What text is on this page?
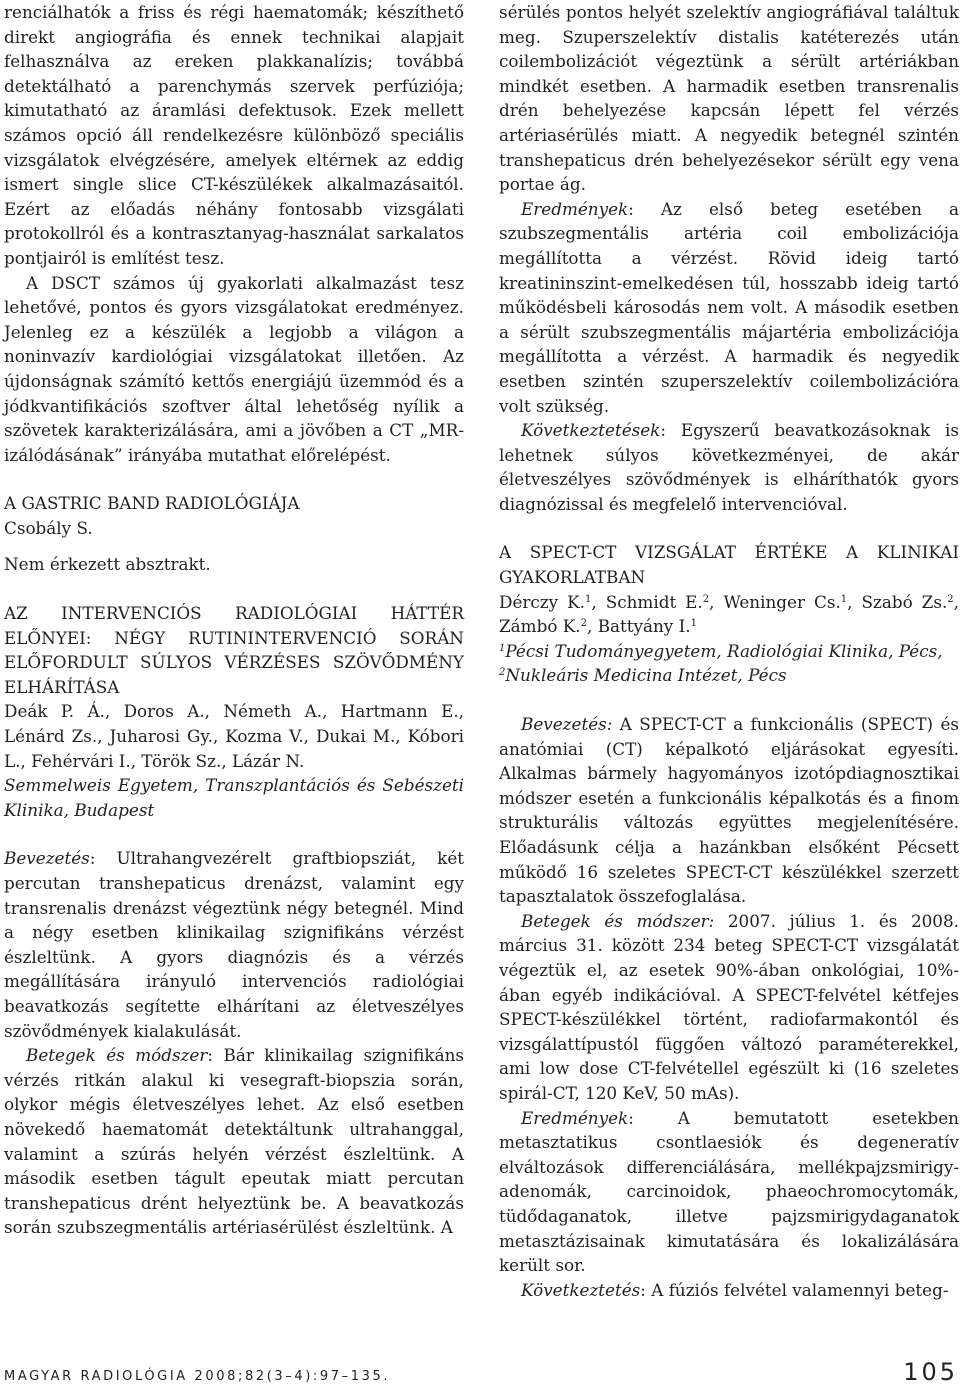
renciálhatók a friss és régi haematomák; készíthető direkt angiográfia és ennek technikai alapjait felhasználva az ereken plakkanalízis; továbbá detektálható a parenchymás szervek perfúziója; kimutatható az áramlási defektusok. Ezek mellett számos opció áll rendelkezésre különböző speciális vizsgálatok elvégzésére, amelyek eltérnek az eddig ismert single slice CT-készülékek alkalmazásaitól. Ezért az előadás néhány fontosabb vizsgálati protokollról és a kontrasztanyag-használat sarkalatos pontjairól is említést tesz.

A DSCT számos új gyakorlati alkalmazást tesz lehetővé, pontos és gyors vizsgálatokat eredményez. Jelenleg ez a készülék a legjobb a világon a noninvazív kardiológiai vizsgálatokat illetően. Az újdonságnak számító kettős energiájú üzemmód és a jódkvantifikációs szoftver által lehetőség nyílik a szövetek karakterizálására, ami a jövőben a CT „MR-izálódásának” irányába mutathat előrelépést.

A GASTRIC BAND RADIOLÓGIÁJA

Csobály S.

Nem érkezett absztrakt.

AZ INTERVENCIÓS RADIOLÓGIAI HÁTTÉR ELŐNYEI: NÉGY RUTININTERVENCIÓ SORÁN ELŐFORDULT SÚLYOS VÉRZÉSES SZÖVŐDMÉNY ELHÁRÍTÁSA

Deák P. Á., Doros A., Németh A., Hartmann E., Lénárd Zs., Juharosi Gy., Kozma V., Dukai M., Kóbori L., Fehérvári I., Török Sz., Lázár N.

Semmelweis Egyetem, Transzplantációs és Sebészeti Klinika, Budapest

Bevezetés: Ultrahangvezérelt graftbiopsziát, két percutan transhepaticus drenázst, valamint egy transrenalis drenázst végeztünk négy betegnél. Mind a négy esetben klinikailag szignifikáns vérzést észleltünk. A gyors diagnózis és a vérzés megállítására irányuló intervenciós radiológiai beavatkozás segítette elhárítani az életveszélyes szövődmények kialakulását.

Betegek és módszer: Bár klinikailag szignifikáns vérzés ritkán alakul ki vesegraft-biopszia során, olykor mégis életveszélyes lehet. Az első esetben növekedő haematomát detektáltunk ultrahanggal, valamint a szúrás helyén vérzést észleltünk. A második esetben tágult epeutak miatt percutan transhepaticus drént helyeztünk be. A beavatkozás során szubszegmentális artériasérülést észleltünk. A

sérülés pontos helyét szelektív angiográfiával találtuk meg. Szuperszelektív distalis katéterezés után coilembolizációt végeztünk a sérült artériákban mindkét esetben. A harmadik esetben transrenalis drén behelyezése kapcsán lépett fel vérzés artériasérülés miatt. A negyedik betegnél szintén transhepaticus drén behelyezésekor sérült egy vena portae ág.

Eredmények: Az első beteg esetében a szubszegmentális artéria coil embolizációja megállította a vérzést. Rövid ideig tartó kreatininszint-emelkedésen túl, hosszabb ideig tartó működésbeli károsodás nem volt. A második esetben a sérült szubszegmentális májartéria embolizációja megállította a vérzést. A harmadik és negyedik esetben szintén szuperszelektív coilembolizációra volt szükség.

Következtetések: Egyszerű beavatkozásoknak is lehetnek súlyos következményei, de akár életveszélyes szövődmények is elháríthatók gyors diagnózissal és megfelelő intervencióval.

A SPECT-CT VIZSGÁLAT ÉRTÉKE A KLINIKAI GYAKORLATBAN

Dérczy K.$^1$, Schmidt E.$^2$, Weninger Cs.$^1$, Szabó Zs.$^2$, Zámbó K.$^2$, Battyány I.$^1$

$^1$Pécsi Tudományegyetem, Radiológiai Klinika, Pécs,

$^2$Nukleáris Medicina Intézet, Pécs

Bevezetés: A SPECT-CT a funkcionális (SPECT) és anatómiai (CT) képalkotó eljárásokat egyesíti. Alkalmas bármely hagyományos izotópdiagnosztikai módszer esetén a funkcionális képalkotás és a finom strukturális változás együttes megjelenítésére. Előadásunk célja a hazánkban elsőként Pécsett működő 16 szeletes SPECT-CT készülékkel szerzett tapasztalatok összefoglalása.

Betegek és módszer: 2007. július 1. és 2008. március 31. között 234 beteg SPECT-CT vizsgálatát végeztük el, az esetek 90%-ában onkológiai, 10%-ában egyéb indikációval. A SPECT-felvétel kétfejes SPECT-készülékkel történt, radiofarmakontól és vizsgálattípustól függően változó paraméterekkel, ami low dose CT-felvétellel egészült ki (16 szeletes spirál-CT, 120 KeV, 50 mAs).

Eredmények: A bemutatott esetekben metasztatikus csontlaesiók és degeneratív elváltozások differenciálására, mellékpajzsmirigy-adenomák, carcinoidok, phaeochromocytomák, tüdődaganatok, illetve pajzsmirigydaganatok metasztázisainak kimutatására és lokalizálására került sor.

Következtetés: A fúziós felvétel valamennyi beteg-

MAGYAR RADIOLÓGIA 2008;82(3–4):97–135.	105
